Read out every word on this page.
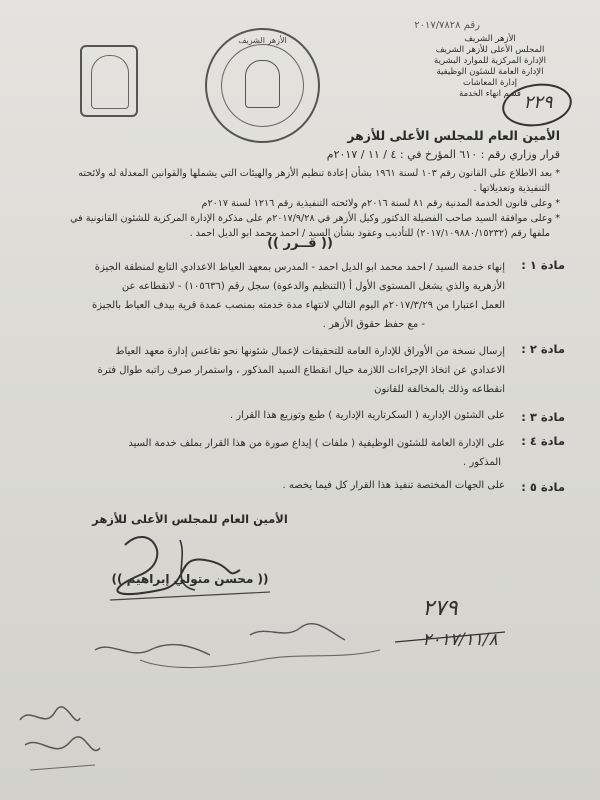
رقم ٢٠١٧/٧٨٢٨
الأزهر الشريف
المجلس الأعلى للأزهر الشريف
الإدارة المركزية للموارد البشرية
الإدارة العامة للشئون الوظيفية
إدارة المعاشات
قسم انهاء الخدمة
الأزهر الشريف
٢٢٩
الأمين العام للمجلس الأعلى للأزهر
قرار وزاري رقم : ٦١٠ المؤرخ في : ٤ / ١١ / ٢٠١٧م
* بعد الاطلاع على القانون رقم ١٠٣ لسنة ١٩٦١ بشأن إعادة تنظيم الأزهر والهيئات التي يشملها والقوانين المعدلة له ولائحته
التنفيذية وتعديلاتها .
* وعلى قانون الخدمة المدنية رقم ٨١ لسنة ٢٠١٦م ولائحته التنفيذية رقم ١٢١٦ لسنة ٢٠١٧م
* وعلى موافقة السيد صاحب الفضيلة الدكتور وكيل الأزهر في ٢٠١٧/٩/٢٨م على مذكرة الإدارة المركزية للشئون القانونية في
ملفها رقم (٢٠١٧/١٠٩٨٨٠/١٥٢٣٢) للتأديب وعقود بشأن السيد / احمد محمد ابو الديل احمد .
(( قــرر ))
مادة ١ :
إنهاء خدمة السيد / احمد محمد ابو الديل احمد - المدرس بمعهد العياط الاعدادي التابع لمنطقة الجيزة
الأزهرية والذي يشغل المستوى الأول أ (التنظيم والدعوة) سجل رقم (١٠٥٦٣٦) - لانقطاعه عن
العمل اعتبارا من ٢٠١٧/٣/٢٩م اليوم التالي لانتهاء مدة خدمته بمنصب عمدة قرية بيدف العياط بالجيزة
- مع حفظ حقوق الأزهر .
مادة ٢ :
إرسال نسخة من الأوراق للإدارة العامة للتحقيقات لإعمال شئونها نحو تقاعس إدارة معهد العياط
الاعدادي عن اتخاذ الإجراءات اللازمة حيال انقطاع السيد المذكور ، واستمرار صرف راتبه طوال فترة
انقطاعه وذلك بالمخالفة للقانون
مادة ٣ :
على الشئون الإدارية ( السكرتارية الإدارية ) طبع وتوزيع هذا القرار .
مادة ٤ :
على الإدارة العامة للشئون الوظيفية ( ملفات ) إيداع صورة من هذا القرار بملف خدمة السيد
المذكور .
مادة ٥ :
على الجهات المختصة تنفيذ هذا القرار كل فيما يخصه .
الأمين العام للمجلس الأعلى للأزهر
(( محسن متولي إبراهيم ))
٢٧٩
٢٠١٧/١١/٨
